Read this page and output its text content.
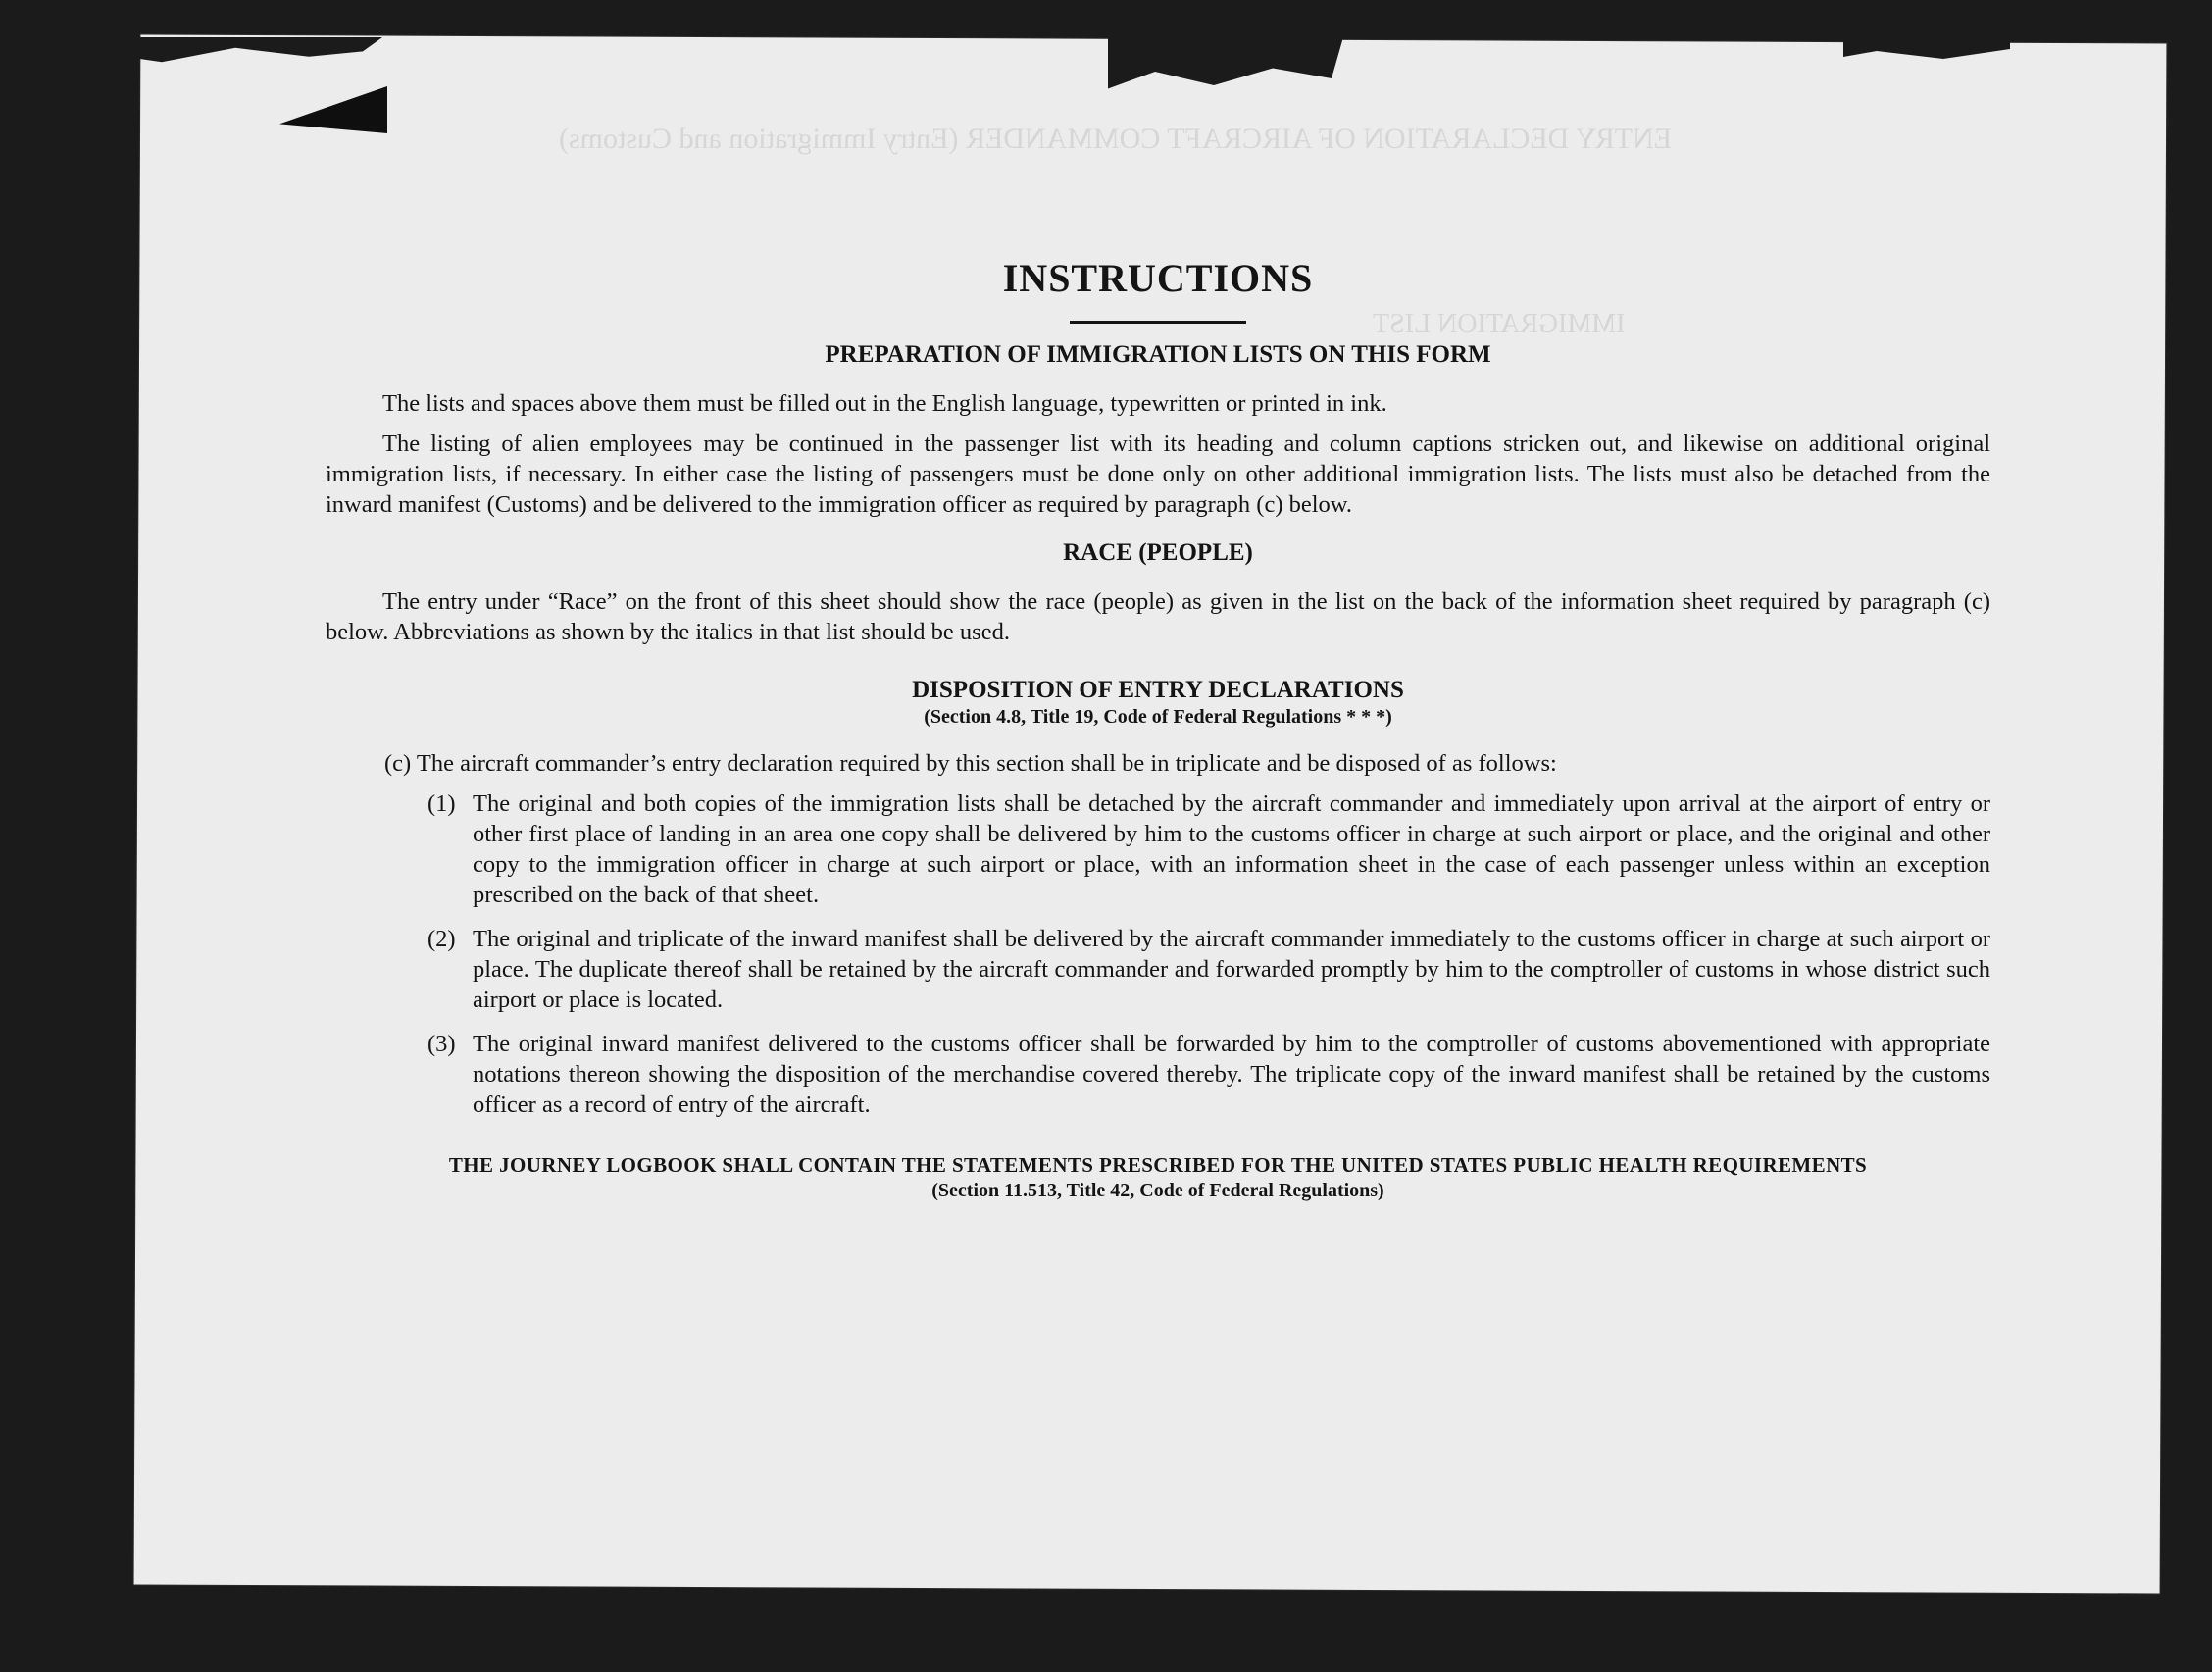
ENTRY DECLARATION OF AIRCRAFT COMMANDER (Entry Immigration and Customs)
IMMIGRATION LIST
INSTRUCTIONS
PREPARATION OF IMMIGRATION LISTS ON THIS FORM

The lists and spaces above them must be filled out in the English language, typewritten or printed in ink.

The listing of alien employees may be continued in the passenger list with its heading and column captions stricken out, and likewise on additional original immigration lists, if necessary. In either case the listing of passengers must be done only on other additional immigration lists. The lists must also be detached from the inward manifest (Customs) and be delivered to the immigration officer as required by paragraph (c) below.

RACE (PEOPLE)

The entry under “Race” on the front of this sheet should show the race (people) as given in the list on the back of the information sheet required by paragraph (c) below. Abbreviations as shown by the italics in that list should be used.

DISPOSITION OF ENTRY DECLARATIONS
(Section 4.8, Title 19, Code of Federal Regulations * * *)

(c) The aircraft commander’s entry declaration required by this section shall be in triplicate and be disposed of as follows:

(1) The original and both copies of the immigration lists shall be detached by the aircraft commander and immediately upon arrival at the airport of entry or other first place of landing in an area one copy shall be delivered by him to the customs officer in charge at such airport or place, and the original and other copy to the immigration officer in charge at such airport or place, with an information sheet in the case of each passenger unless within an exception prescribed on the back of that sheet.

(2) The original and triplicate of the inward manifest shall be delivered by the aircraft commander immediately to the customs officer in charge at such airport or place. The duplicate thereof shall be retained by the aircraft commander and forwarded promptly by him to the comptroller of customs in whose district such airport or place is located.

(3) The original inward manifest delivered to the customs officer shall be forwarded by him to the comptroller of customs abovementioned with appropriate notations thereon showing the disposition of the merchandise covered thereby. The triplicate copy of the inward manifest shall be retained by the customs officer as a record of entry of the aircraft.

THE JOURNEY LOGBOOK SHALL CONTAIN THE STATEMENTS PRESCRIBED FOR THE UNITED STATES PUBLIC HEALTH REQUIREMENTS
(Section 11.513, Title 42, Code of Federal Regulations)
